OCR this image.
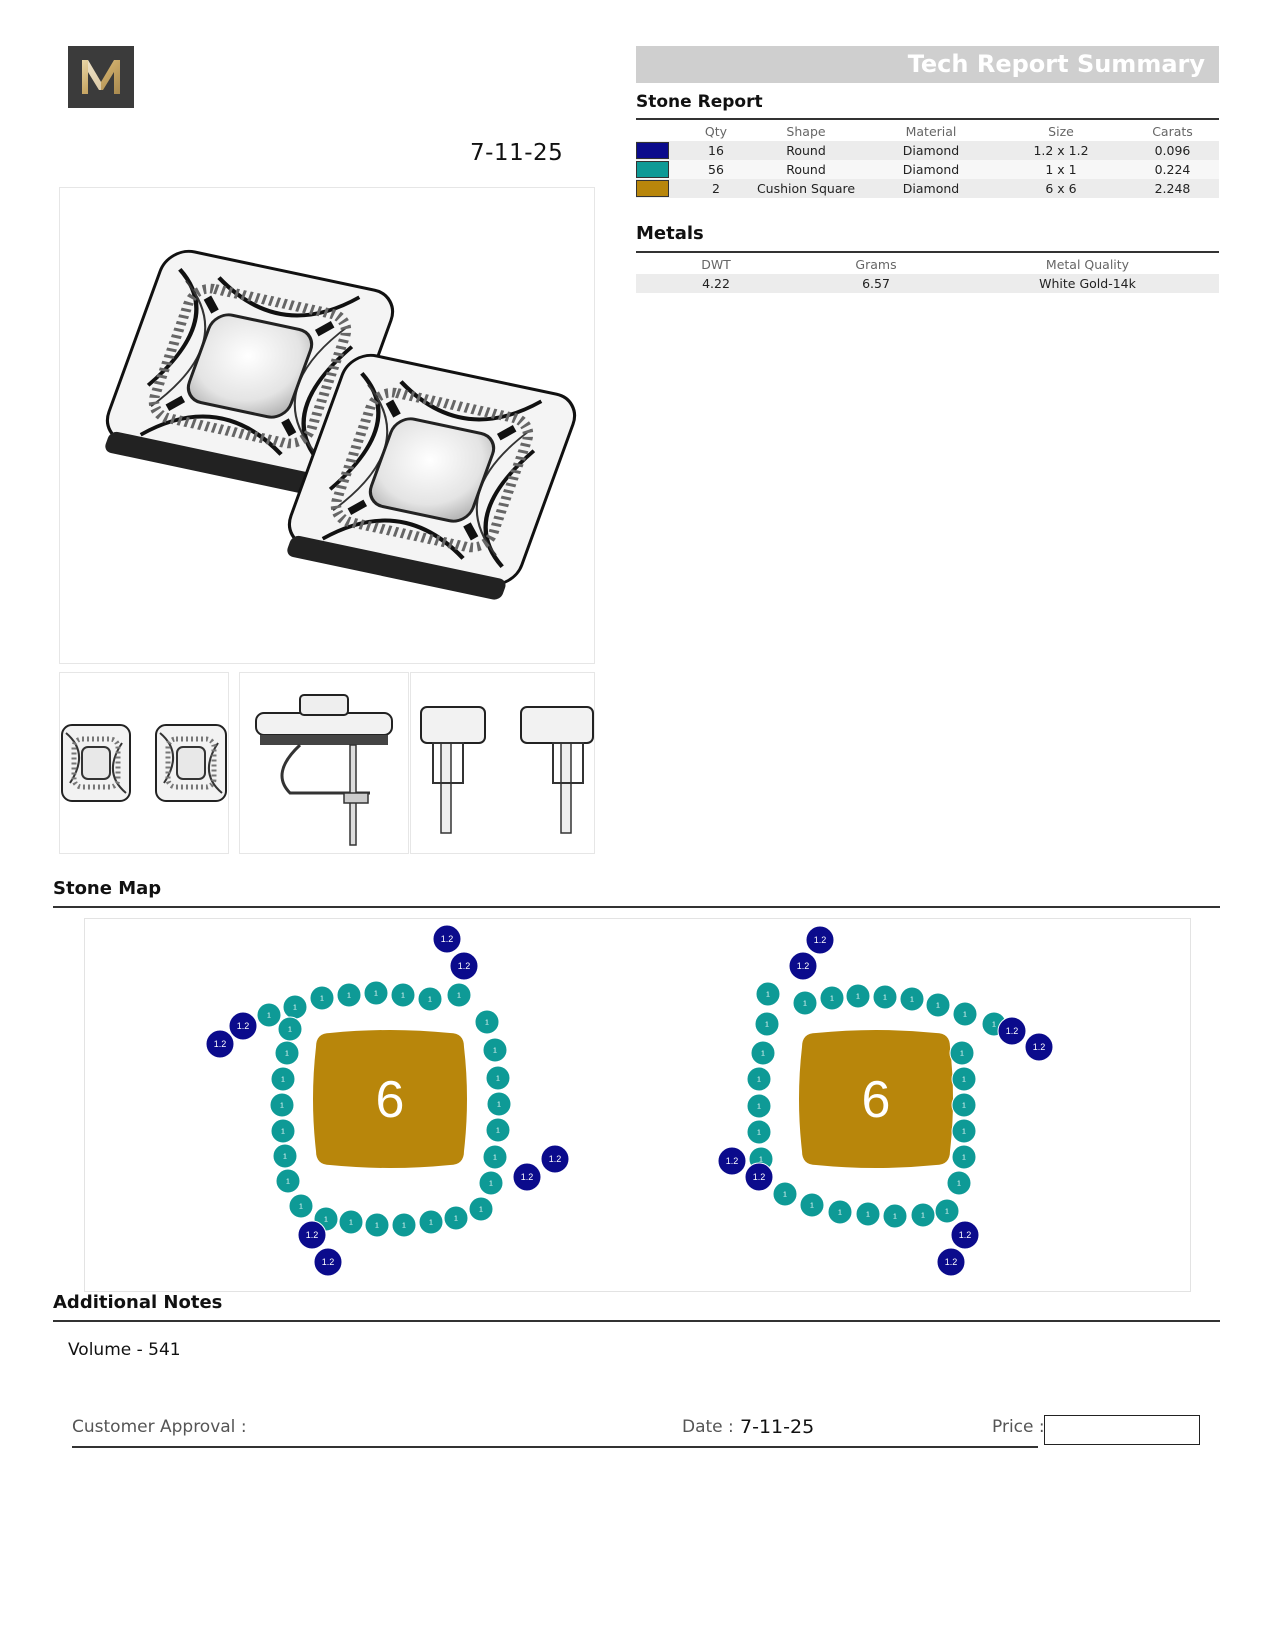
7-11-25
Tech Report Summary
Stone Report
	Qty	Shape	Material	Size	Carats
	16	Round	Diamond	1.2 x 1.2	0.096
	56	Round	Diamond	1 x 1	0.224
	2	Cushion Square	Diamond	6 x 6	2.248
Metals
DWT	Grams	Metal Quality
4.22	6.57	White Gold-14k
Stone Map
6
1
1
1	1	1	1
1
1
1
1
1
1
1
1
1
1
1
1
1
1
1
1
1
1
1
1
1
1
1
1
1.2
1.2
1.2
1.2
1.2
1.2
1.2
1.2
6
1
1
1	1	1	1
1
1
1
1
1
1
1
1
1
1
1
1
1
1
1
1
1
1
1
1
1
1
1.2
1.2
1.2
1.2
1.2
1.2
1.2
1.2
Additional Notes
Volume - 541
Customer Approval :	Date : 7-11-25	Price :
